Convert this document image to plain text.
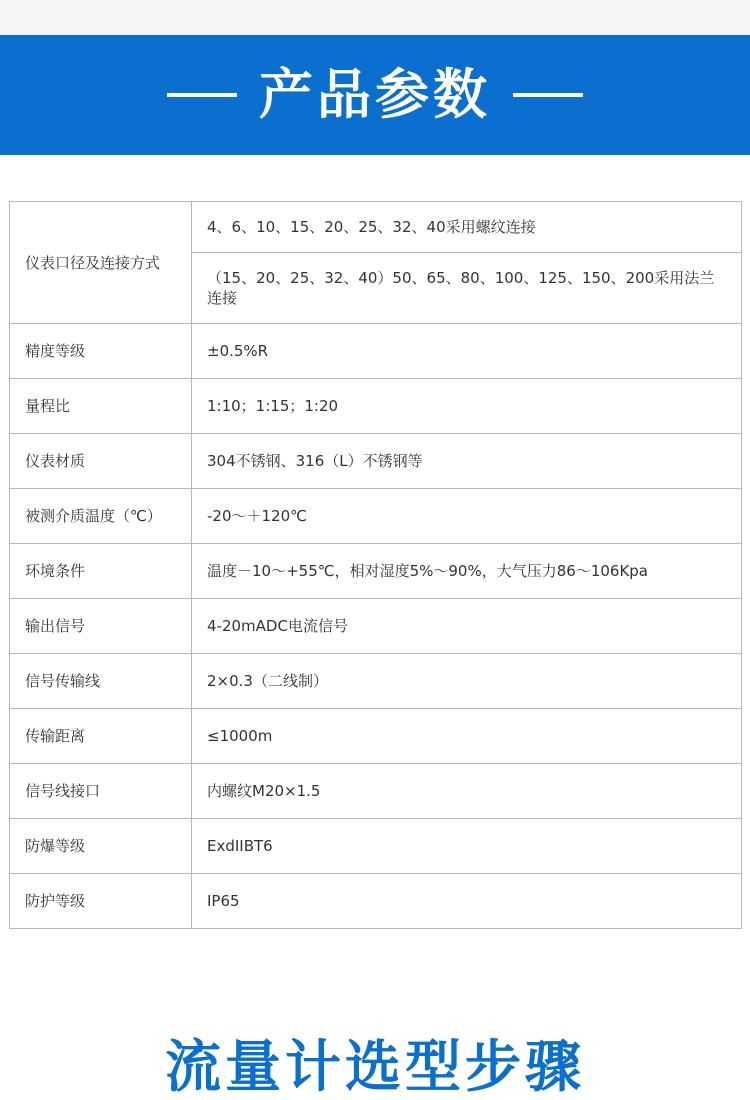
产品参数
仪表口径及连接方式	4、6、10、15、20、25、32、40采用螺纹连接
	（15、20、25、32、40）50、65、80、100、125、150、200采用法兰连接
精度等级	±0.5%R
量程比	1:10；1:15；1:20
仪表材质	304不锈钢、316（L）不锈钢等
被测介质温度（℃）	-20～＋120℃
环境条件	温度－10～+55℃，相对湿度5%～90%，大气压力86～106Kpa
输出信号	4-20mADC电流信号
信号传输线	2×0.3（二线制）
传输距离	≤1000m
信号线接口	内螺纹M20×1.5
防爆等级	ExdIIBT6
防护等级	IP65
流量计选型步骤
